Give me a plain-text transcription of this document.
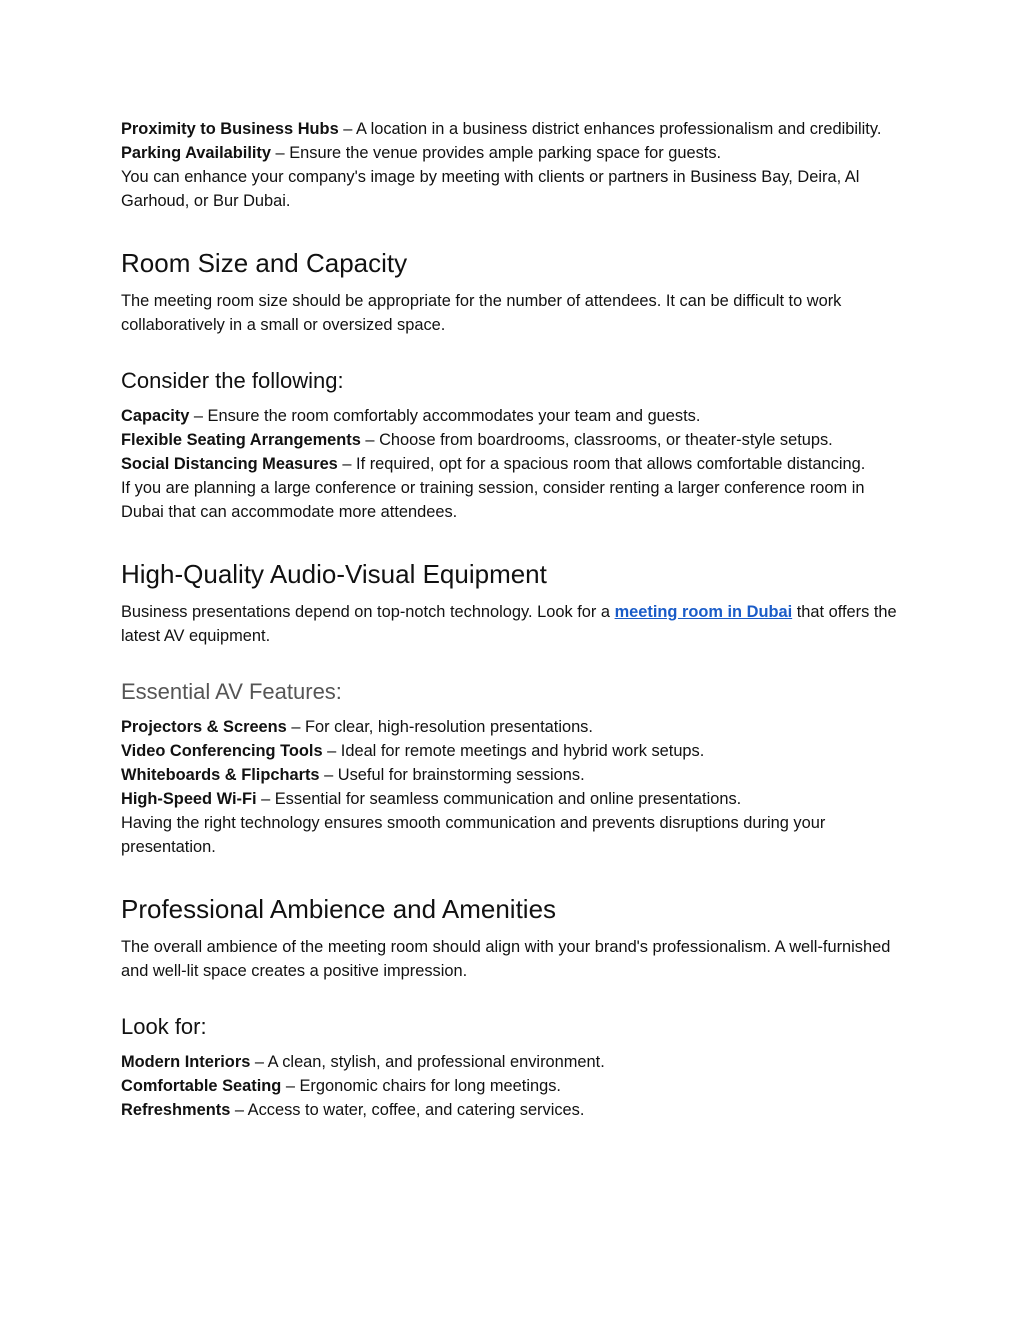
Proximity to Business Hubs – A location in a business district enhances professionalism and credibility.

Parking Availability – Ensure the venue provides ample parking space for guests.

You can enhance your company's image by meeting with clients or partners in Business Bay, Deira, Al Garhoud, or Bur Dubai.

Room Size and Capacity

The meeting room size should be appropriate for the number of attendees. It can be difficult to work collaboratively in a small or oversized space.

Consider the following:

Capacity – Ensure the room comfortably accommodates your team and guests.

Flexible Seating Arrangements – Choose from boardrooms, classrooms, or theater-style setups.

Social Distancing Measures – If required, opt for a spacious room that allows comfortable distancing.

If you are planning a large conference or training session, consider renting a larger conference room in Dubai that can accommodate more attendees.

High-Quality Audio-Visual Equipment

Business presentations depend on top-notch technology. Look for a meeting room in Dubai that offers the latest AV equipment.

Essential AV Features:

Projectors & Screens – For clear, high-resolution presentations.

Video Conferencing Tools – Ideal for remote meetings and hybrid work setups.

Whiteboards & Flipcharts – Useful for brainstorming sessions.

High-Speed Wi-Fi – Essential for seamless communication and online presentations.

Having the right technology ensures smooth communication and prevents disruptions during your presentation.

Professional Ambience and Amenities

The overall ambience of the meeting room should align with your brand's professionalism. A well-furnished and well-lit space creates a positive impression.

Look for:

Modern Interiors – A clean, stylish, and professional environment.

Comfortable Seating – Ergonomic chairs for long meetings.

Refreshments – Access to water, coffee, and catering services.
